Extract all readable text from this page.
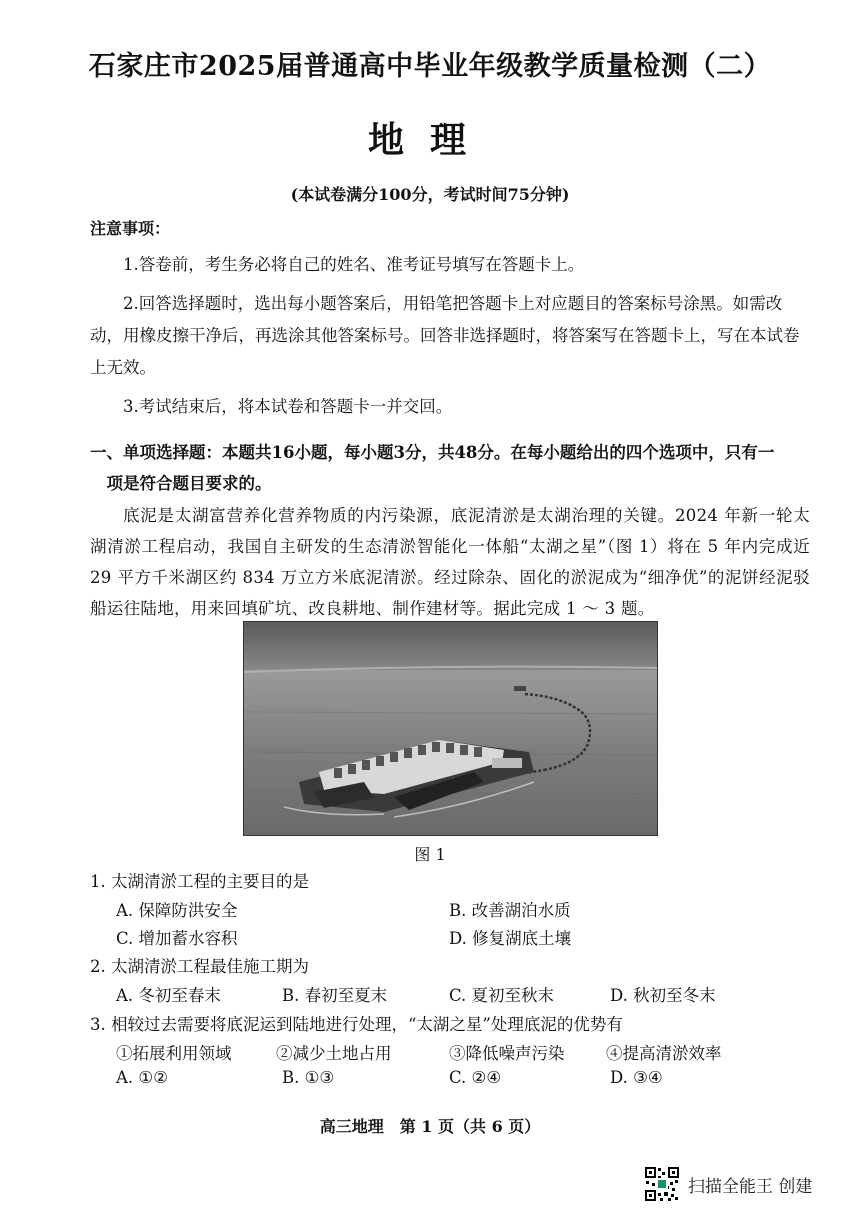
石家庄市2025届普通高中毕业年级教学质量检测（二）
地理
(本试卷满分100分，考试时间75分钟)
注意事项：

1.答卷前，考生务必将自己的姓名、准考证号填写在答题卡上。

2.回答选择题时，选出每小题答案后，用铅笔把答题卡上对应题目的答案标号涂黑。如需改动，用橡皮擦干净后，再选涂其他答案标号。回答非选择题时，将答案写在答题卡上，写在本试卷上无效。

3.考试结束后，将本试卷和答题卡一并交回。

一、单项选择题：本题共16小题，每小题3分，共48分。在每小题给出的四个选项中，只有一
项是符合题目要求的。
底泥是太湖富营养化营养物质的内污染源，底泥清淤是太湖治理的关键。2024 年新一轮太湖清淤工程启动，我国自主研发的生态清淤智能化一体船“太湖之星”（图 1）将在 5 年内完成近 29 平方千米湖区约 834 万立方米底泥清淤。经过除杂、固化的淤泥成为“细净优”的泥饼经泥驳船运往陆地，用来回填矿坑、改良耕地、制作建材等。据此完成 1 ～ 3 题。
图 1
1. 太湖清淤工程的主要目的是
A. 保障防洪安全	B. 改善湖泊水质
C. 增加蓄水容积	D. 修复湖底土壤
2. 太湖清淤工程最佳施工期为
A. 冬初至春末	B. 春初至夏末	C. 夏初至秋末	D. 秋初至冬末
3. 相较过去需要将底泥运到陆地进行处理，“太湖之星”处理底泥的优势有
①拓展利用领域	②减少土地占用	③降低噪声污染	④提高清淤效率
A. ①②	B. ①③	C. ②④	D. ③④
高三地理　第 1 页（共 6 页）
扫描全能王 创建
